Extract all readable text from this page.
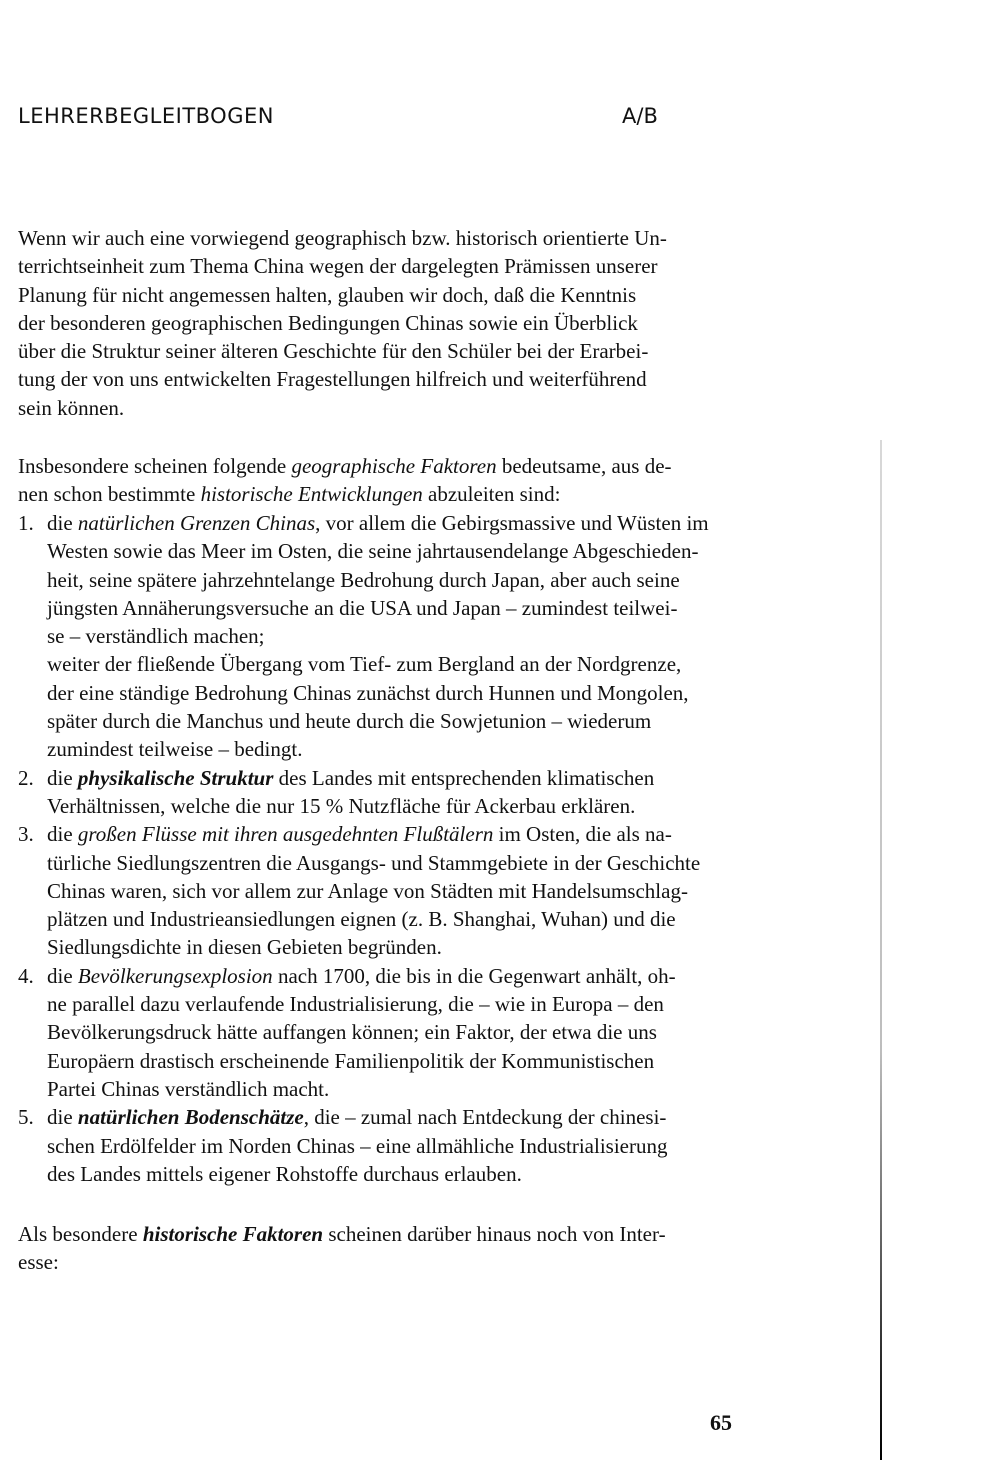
LEHRERBEGLEITBOGEN	A/B
Wenn wir auch eine vorwiegend geographisch bzw. historisch orientierte Un-
terrichtseinheit zum Thema China wegen der dargelegten Prämissen unserer
Planung für nicht angemessen halten, glauben wir doch, daß die Kenntnis
der besonderen geographischen Bedingungen Chinas sowie ein Überblick
über die Struktur seiner älteren Geschichte für den Schüler bei der Erarbei-
tung der von uns entwickelten Fragestellungen hilfreich und weiterführend
sein können.
Insbesondere scheinen folgende geographische Faktoren bedeutsame, aus de-
nen schon bestimmte historische Entwicklungen abzuleiten sind:
1. die natürlichen Grenzen Chinas, vor allem die Gebirgsmassive und Wüsten im
Westen sowie das Meer im Osten, die seine jahrtausendelange Abgeschieden-
heit, seine spätere jahrzehntelange Bedrohung durch Japan, aber auch seine
jüngsten Annäherungsversuche an die USA und Japan – zumindest teilwei-
se – verständlich machen;
weiter der fließende Übergang vom Tief- zum Bergland an der Nordgrenze,
der eine ständige Bedrohung Chinas zunächst durch Hunnen und Mongolen,
später durch die Manchus und heute durch die Sowjetunion – wiederum
zumindest teilweise – bedingt.
2. die physikalische Struktur des Landes mit entsprechenden klimatischen
Verhältnissen, welche die nur 15 % Nutzfläche für Ackerbau erklären.
3. die großen Flüsse mit ihren ausgedehnten Flußtälern im Osten, die als na-
türliche Siedlungszentren die Ausgangs- und Stammgebiete in der Geschichte
Chinas waren, sich vor allem zur Anlage von Städten mit Handelsumschlag-
plätzen und Industrieansiedlungen eignen (z. B. Shanghai, Wuhan) und die
Siedlungsdichte in diesen Gebieten begründen.
4. die Bevölkerungsexplosion nach 1700, die bis in die Gegenwart anhält, oh-
ne parallel dazu verlaufende Industrialisierung, die – wie in Europa – den
Bevölkerungsdruck hätte auffangen können; ein Faktor, der etwa die uns
Europäern drastisch erscheinende Familienpolitik der Kommunistischen
Partei Chinas verständlich macht.
5. die natürlichen Bodenschätze, die – zumal nach Entdeckung der chinesi-
schen Erdölfelder im Norden Chinas – eine allmähliche Industrialisierung
des Landes mittels eigener Rohstoffe durchaus erlauben.
Als besondere historische Faktoren scheinen darüber hinaus noch von Inter-
esse:
65
